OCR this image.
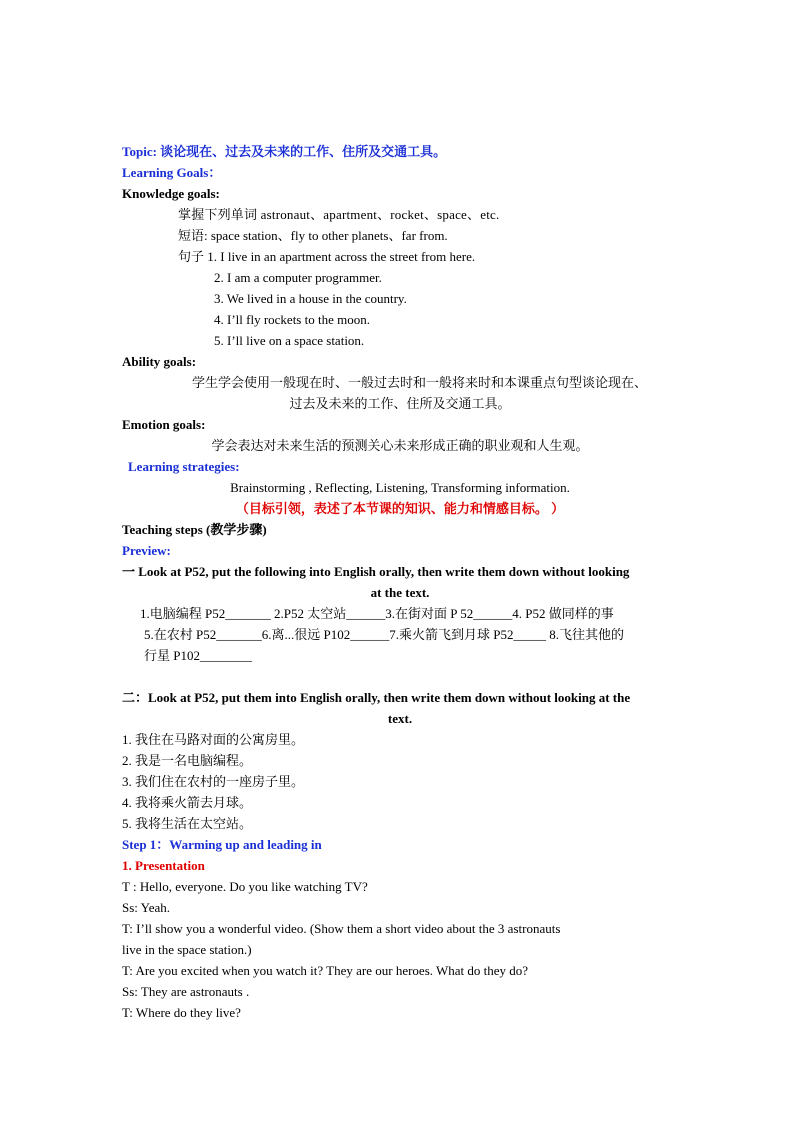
Topic: 谈论现在、过去及未来的工作、住所及交通工具。
Learning Goals：
Knowledge goals:
掌握下列单词 astronaut、apartment、rocket、space、etc.
短语: space station、fly to other planets、far from.
句子 1. I live in an apartment across the street from here.
2. I am a computer programmer.
3. We lived in a house in the country.
4. I’ll fly rockets to the moon.
5. I’ll live on a space station.
Ability goals:
学生学会使用一般现在时、一般过去时和一般将来时和本课重点句型谈论现在、
过去及未来的工作、住所及交通工具。
Emotion goals:
学会表达对未来生活的预测关心未来形成正确的职业观和人生观。
Learning strategies:
Brainstorming , Reflecting, Listening, Transforming information.
（目标引领，表述了本节课的知识、能力和情感目标。 ）
Teaching steps (教学步骤)
Preview:
一 Look at P52, put the following into English orally, then write them down without looking
at the text.
1.电脑编程 P52_______ 2.P52 太空站______3.在街对面 P 52______4. P52 做同样的事
5.在农村 P52_______6.离...很远 P102______7.乘火箭飞到月球 P52_____ 8.飞往其他的
行星 P102________
二：Look at P52, put them into English orally, then write them down without looking at the
text.
1. 我住在马路对面的公寓房里。
2. 我是一名电脑编程。
3. 我们住在农村的一座房子里。
4. 我将乘火箭去月球。
5. 我将生活在太空站。
Step 1：Warming up and leading in
1. Presentation
T : Hello, everyone. Do you like watching TV?
Ss: Yeah.
T: I’ll show you a wonderful video. (Show them a short video about the 3 astronauts
live in the space station.)
T: Are you excited when you watch it? They are our heroes. What do they do?
Ss: They are astronauts .
T: Where do they live?
